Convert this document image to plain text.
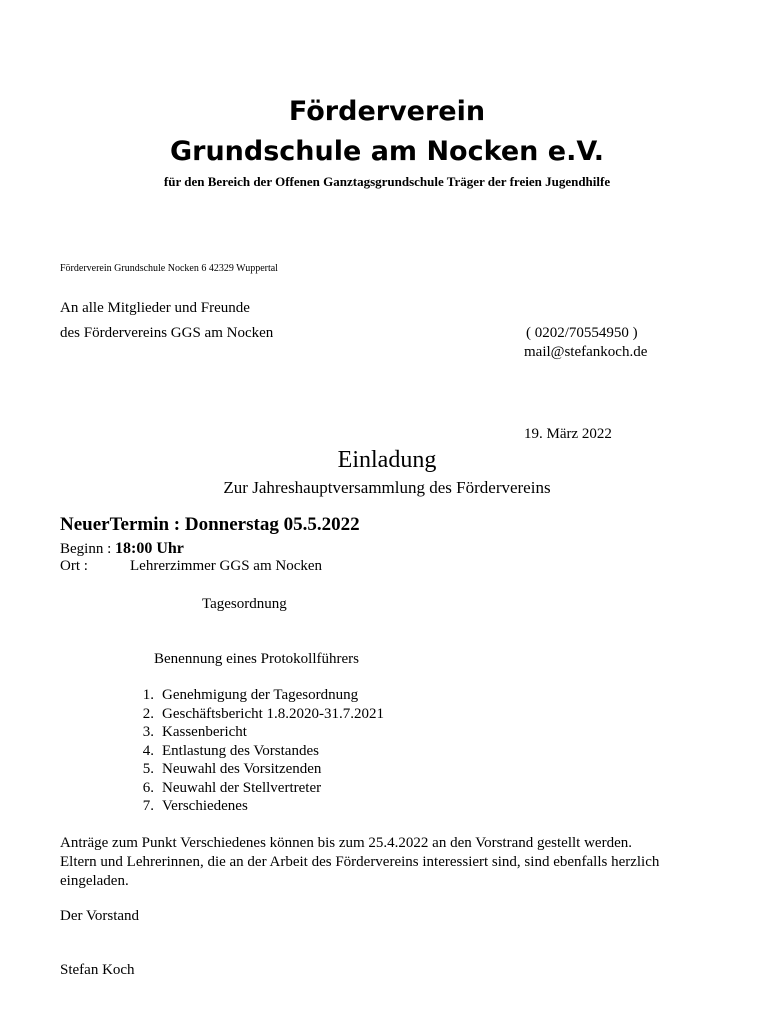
Förderverein
Grundschule am Nocken e.V.
für den Bereich der Offenen Ganztagsgrundschule Träger der freien Jugendhilfe
Förderverein Grundschule Nocken 6 42329 Wuppertal
An alle Mitglieder und Freunde
des Fördervereins GGS am Nocken	( 0202/70554950 )
mail@stefankoch.de
19. März 2022
Einladung
Zur Jahreshauptversammlung des Fördervereins
NeuerTermin : Donnerstag 05.5.2022
Beginn : 18:00 Uhr
Ort :	Lehrerzimmer GGS am Nocken
Tagesordnung
Benennung eines Protokollführers
1. Genehmigung der Tagesordnung
2. Geschäftsbericht 1.8.2020-31.7.2021
3. Kassenbericht
4. Entlastung des Vorstandes
5. Neuwahl des Vorsitzenden
6. Neuwahl der Stellvertreter
7. Verschiedenes

Anträge zum Punkt Verschiedenes können bis zum 25.4.2022 an den Vorstrand gestellt werden.

Eltern und Lehrerinnen, die an der Arbeit des Fördervereins interessiert sind, sind ebenfalls herzlich eingeladen.

Der Vorstand
Stefan Koch
